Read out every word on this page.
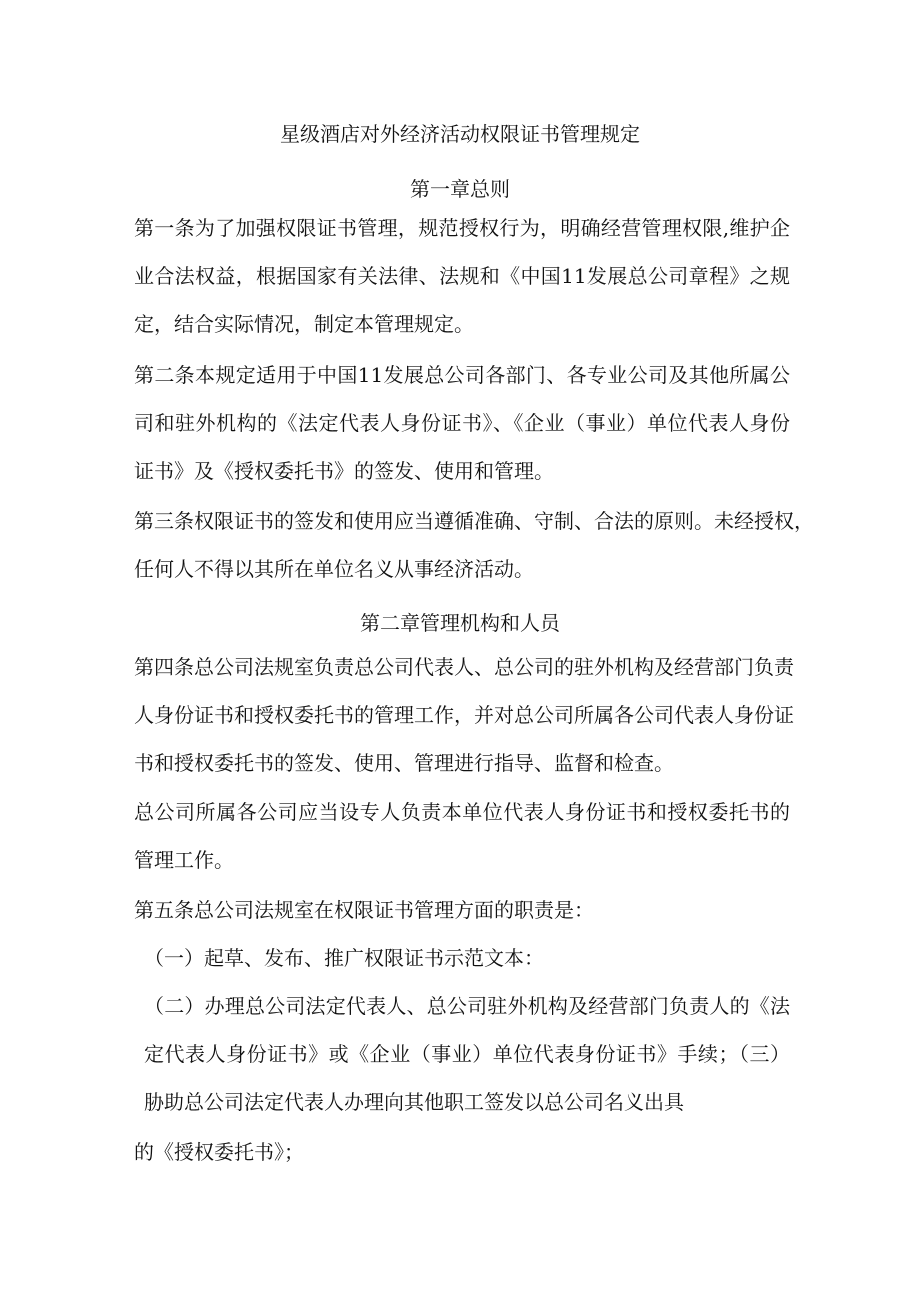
星级酒店对外经济活动权限证书管理规定
第一章总则
第一条为了加强权限证书管理，规范授权行为，明确经营管理权限,维护企
业合法权益，根据国家有关法律、法规和《中国11发展总公司章程》之规
定，结合实际情况，制定本管理规定。
第二条本规定适用于中国11发展总公司各部门、各专业公司及其他所属公
司和驻外机构的《法定代表人身份证书》、《企业（事业）单位代表人身份
证书》及《授权委托书》的签发、使用和管理。
第三条权限证书的签发和使用应当遵循准确、守制、合法的原则。未经授权，
任何人不得以其所在单位名义从事经济活动。
第二章管理机构和人员
第四条总公司法规室负责总公司代表人、总公司的驻外机构及经营部门负责
人身份证书和授权委托书的管理工作，并对总公司所属各公司代表人身份证
书和授权委托书的签发、使用、管理进行指导、监督和检查。
总公司所属各公司应当设专人负责本单位代表人身份证书和授权委托书的
管理工作。
第五条总公司法规室在权限证书管理方面的职责是：
（一）起草、发布、推广权限证书示范文本：
（二）办理总公司法定代表人、总公司驻外机构及经营部门负责人的《法
定代表人身份证书》或《企业（事业）单位代表身份证书》手续；（三）
胁助总公司法定代表人办理向其他职工签发以总公司名义出具
的《授权委托书》；
